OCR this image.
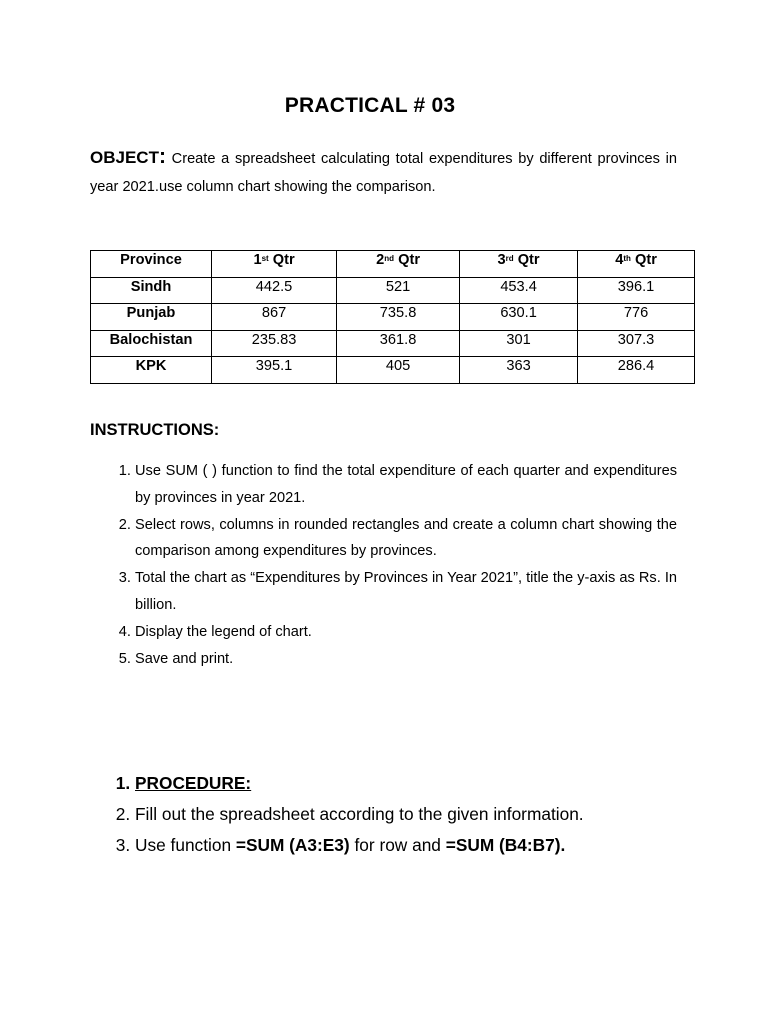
PRACTICAL # 03
OBJECT: Create a spreadsheet calculating total expenditures by different provinces in year 2021.use column chart showing the comparison.
Province	1st Qtr	2nd Qtr	3rd Qtr	4th Qtr
Sindh	442.5	521	453.4	396.1
Punjab	867	735.8	630.1	776
Balochistan	235.83	361.8	301	307.3
KPK	395.1	405	363	286.4
INSTRUCTIONS:
1. Use SUM ( ) function to find the total expenditure of each quarter and expenditures by provinces in year 2021.
2. Select rows, columns in rounded rectangles and create a column chart showing the comparison among expenditures by provinces.
3. Total the chart as “Expenditures by Provinces in Year 2021”, title the y-axis as Rs. In billion.
4. Display the legend of chart.
5. Save and print.
1. PROCEDURE:
2. Fill out the spreadsheet according to the given information.
3. Use function =SUM (A3:E3) for row and =SUM (B4:B7).
